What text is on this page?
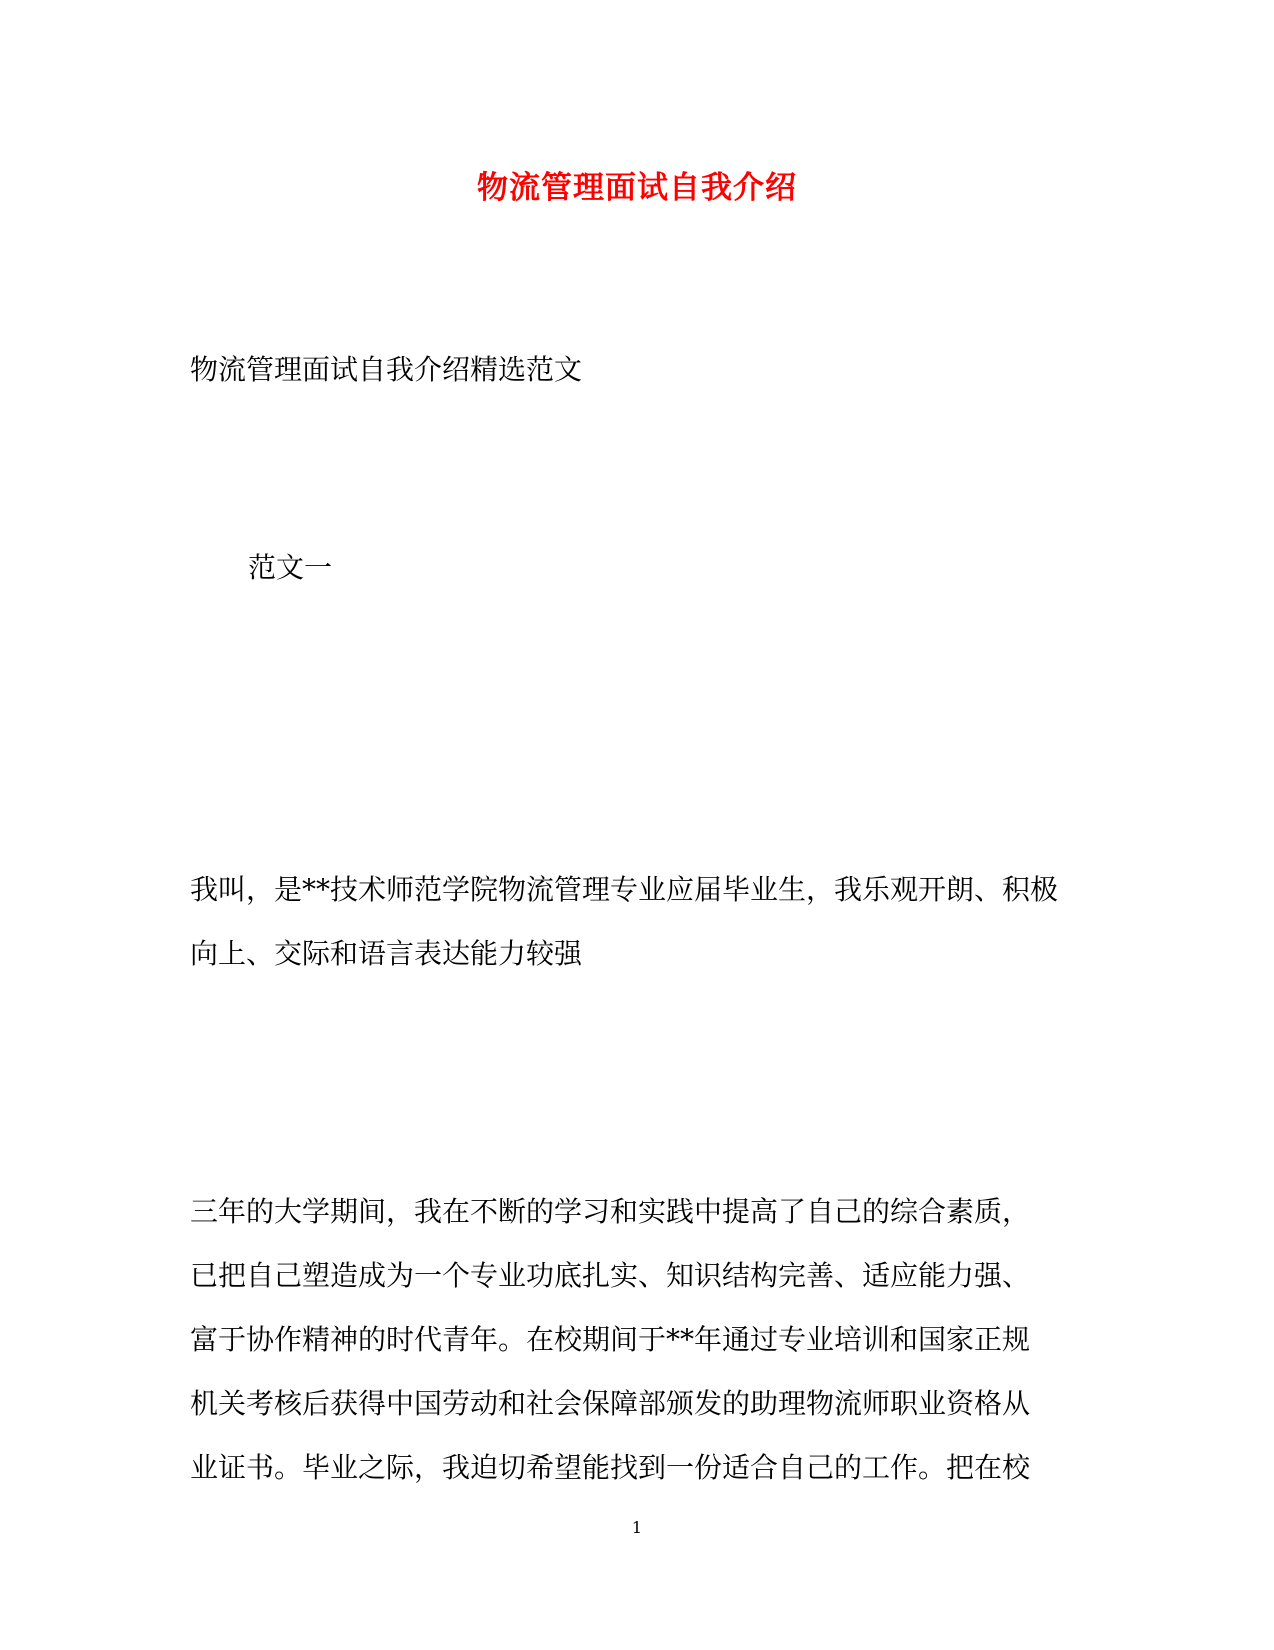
物流管理面试自我介绍
物流管理面试自我介绍精选范文
范文一
我叫，是**技术师范学院物流管理专业应届毕业生，我乐观开朗、积极
向上、交际和语言表达能力较强
三年的大学期间，我在不断的学习和实践中提高了自己的综合素质，
已把自己塑造成为一个专业功底扎实、知识结构完善、适应能力强、
富于协作精神的时代青年。在校期间于**年通过专业培训和国家正规
机关考核后获得中国劳动和社会保障部颁发的助理物流师职业资格从
业证书。毕业之际，我迫切希望能找到一份适合自己的工作。把在校
1
